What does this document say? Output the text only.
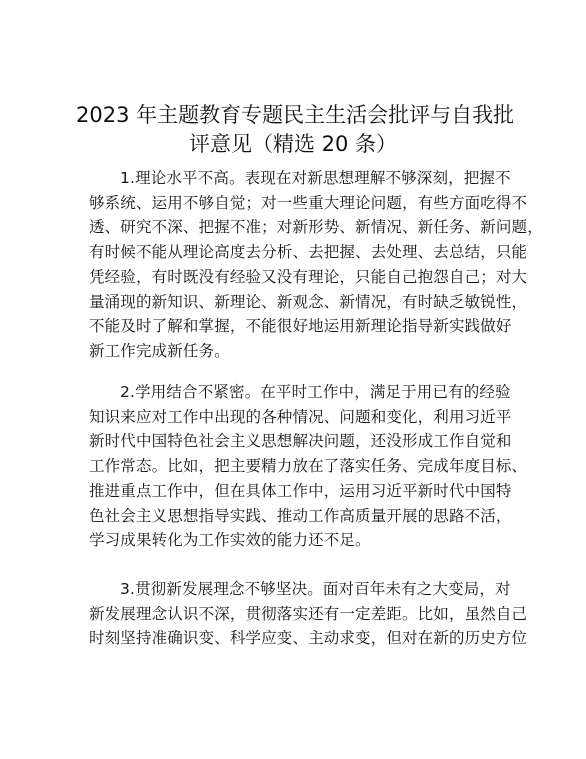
2023 年主题教育专题民主生活会批评与自我批
评意见（精选 20 条）

1.理论水平不高。表现在对新思想理解不够深刻，把握不
够系统、运用不够自觉；对一些重大理论问题，有些方面吃得不
透、研究不深、把握不准；对新形势、新情况、新任务、新问题，
有时候不能从理论高度去分析、去把握、去处理、去总结，只能
凭经验，有时既没有经验又没有理论，只能自己抱怨自己；对大
量涌现的新知识、新理论、新观念、新情况，有时缺乏敏锐性，
不能及时了解和掌握，不能很好地运用新理论指导新实践做好
新工作完成新任务。

2.学用结合不紧密。在平时工作中，满足于用已有的经验
知识来应对工作中出现的各种情况、问题和变化，利用习近平
新时代中国特色社会主义思想解决问题，还没形成工作自觉和
工作常态。比如，把主要精力放在了落实任务、完成年度目标、
推进重点工作中，但在具体工作中，运用习近平新时代中国特
色社会主义思想指导实践、推动工作高质量开展的思路不活，
学习成果转化为工作实效的能力还不足。

3.贯彻新发展理念不够坚决。面对百年未有之大变局，对
新发展理念认识不深，贯彻落实还有一定差距。比如，虽然自己
时刻坚持准确识变、科学应变、主动求变，但对在新的历史方位
